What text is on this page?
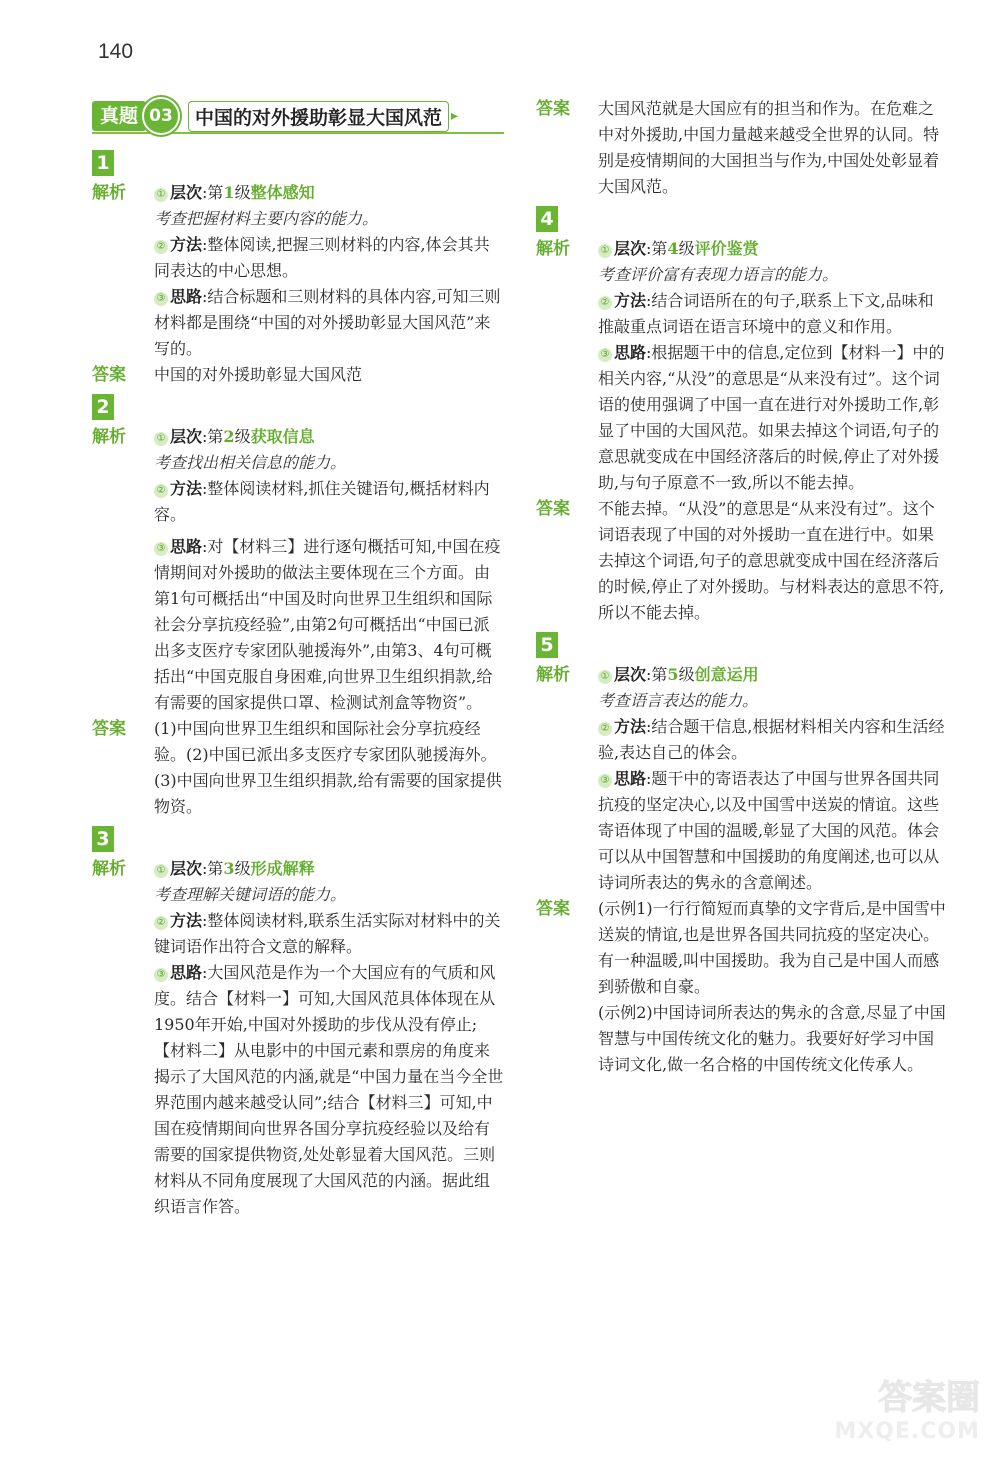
140
真题 03	中国的对外援助彰显大国风范 ▸
1
解析	① 层次:第1级整体感知
考查把握材料主要内容的能力。
② 方法:整体阅读,把握三则材料的内容,体会其共同表达的中心思想。
③ 思路:结合标题和三则材料的具体内容,可知三则材料都是围绕“中国的对外援助彰显大国风范”来写的。
答案	中国的对外援助彰显大国风范
2
解析	① 层次:第2级获取信息
考查找出相关信息的能力。
② 方法:整体阅读材料,抓住关键语句,概括材料内容。
③ 思路:对【材料三】进行逐句概括可知,中国在疫情期间对外援助的做法主要体现在三个方面。由第1句可概括出“中国及时向世界卫生组织和国际社会分享抗疫经验”,由第2句可概括出“中国已派出多支医疗专家团队驰援海外”,由第3、4句可概括出“中国克服自身困难,向世界卫生组织捐款,给有需要的国家提供口罩、检测试剂盒等物资”。
答案	(1)中国向世界卫生组织和国际社会分享抗疫经验。(2)中国已派出多支医疗专家团队驰援海外。(3)中国向世界卫生组织捐款,给有需要的国家提供物资。
3
解析	① 层次:第3级形成解释
考查理解关键词语的能力。
② 方法:整体阅读材料,联系生活实际对材料中的关键词语作出符合文意的解释。
③ 思路:大国风范是作为一个大国应有的气质和风度。结合【材料一】可知,大国风范具体体现在从1950年开始,中国对外援助的步伐从没有停止;【材料二】从电影中的中国元素和票房的角度来揭示了大国风范的内涵,就是“中国力量在当今全世界范围内越来越受认同”;结合【材料三】可知,中国在疫情期间向世界各国分享抗疫经验以及给有需要的国家提供物资,处处彰显着大国风范。三则材料从不同角度展现了大国风范的内涵。据此组织语言作答。
答案	大国风范就是大国应有的担当和作为。在危难之中对外援助,中国力量越来越受全世界的认同。特别是疫情期间的大国担当与作为,中国处处彰显着大国风范。
4
解析	① 层次:第4级评价鉴赏
考查评价富有表现力语言的能力。
② 方法:结合词语所在的句子,联系上下文,品味和推敲重点词语在语言环境中的意义和作用。
③ 思路:根据题干中的信息,定位到【材料一】中的相关内容,“从没”的意思是“从来没有过”。这个词语的使用强调了中国一直在进行对外援助工作,彰显了中国的大国风范。如果去掉这个词语,句子的意思就变成在中国经济落后的时候,停止了对外援助,与句子原意不一致,所以不能去掉。
答案	不能去掉。“从没”的意思是“从来没有过”。这个词语表现了中国的对外援助一直在进行中。如果去掉这个词语,句子的意思就变成中国在经济落后的时候,停止了对外援助。与材料表达的意思不符,所以不能去掉。
5
解析	① 层次:第5级创意运用
考查语言表达的能力。
② 方法:结合题干信息,根据材料相关内容和生活经验,表达自己的体会。
③ 思路:题干中的寄语表达了中国与世界各国共同抗疫的坚定决心,以及中国雪中送炭的情谊。这些寄语体现了中国的温暖,彰显了大国的风范。体会可以从中国智慧和中国援助的角度阐述,也可以从诗词所表达的隽永的含意阐述。
答案	(示例1)一行行简短而真挚的文字背后,是中国雪中送炭的情谊,也是世界各国共同抗疫的坚定决心。有一种温暖,叫中国援助。我为自己是中国人而感到骄傲和自豪。
(示例2)中国诗词所表达的隽永的含意,尽显了中国智慧与中国传统文化的魅力。我要好好学习中国诗词文化,做一名合格的中国传统文化传承人。
答案圈
MXQE.COM
